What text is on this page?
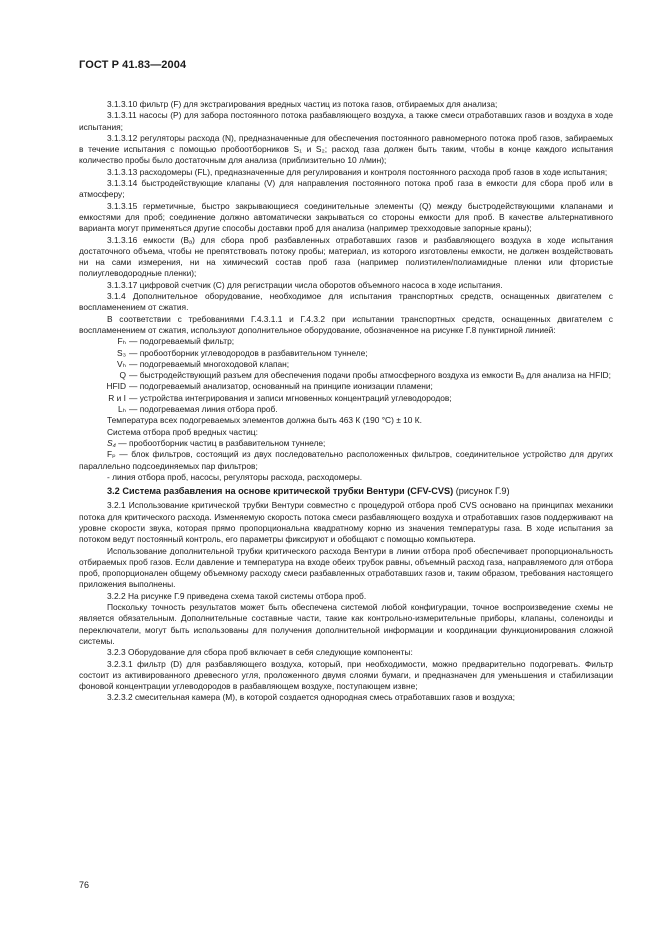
ГОСТ Р 41.83—2004

3.1.3.10 фильтр (F) для экстрагирования вредных частиц из потока газов, отбираемых для анализа;

3.1.3.11 насосы (P) для забора постоянного потока разбавляющего воздуха, а также смеси отработавших газов и воздуха в ходе испытания;

3.1.3.12 регуляторы расхода (N), предназначенные для обеспечения постоянного равномерного потока проб газов, забираемых в течение испытания с помощью пробоотборников S₁ и S₂; расход газа должен быть таким, чтобы в конце каждого испытания количество пробы было достаточным для анализа (приблизительно 10 л/мин);

3.1.3.13 расходомеры (FL), предназначенные для регулирования и контроля постоянного расхода проб газов в ходе испытания;

3.1.3.14 быстродействующие клапаны (V) для направления постоянного потока проб газа в емкости для сбора проб или в атмосферу;

3.1.3.15 герметичные, быстро закрывающиеся соединительные элементы (Q) между быстродействующими клапанами и емкостями для проб; соединение должно автоматически закрываться со стороны емкости для проб. В качестве альтернативного варианта могут применяться другие способы доставки проб для анализа (например трехходовые запорные краны);

3.1.3.16 емкости (Bₐ) для сбора проб разбавленных отработавших газов и разбавляющего воздуха в ходе испытания достаточного объема, чтобы не препятствовать потоку пробы; материал, из которого изготовлены емкости, не должен воздействовать ни на сами измерения, ни на химический состав проб газа (например полиэтилен/полиамидные пленки или фтористые полиуглеводородные пленки);

3.1.3.17 цифровой счетчик (C) для регистрации числа оборотов объемного насоса в ходе испытания.

3.1.4 Дополнительное оборудование, необходимое для испытания транспортных средств, оснащенных двигателем с воспламенением от сжатия.

В соответствии с требованиями Г.4.3.1.1 и Г.4.3.2 при испытании транспортных средств, оснащенных двигателем с воспламенением от сжатия, используют дополнительное оборудование, обозначенное на рисунке Г.8 пунктирной линией:

Fₕ — подогреваемый фильтр;
S₃ — пробоотборник углеводородов в разбавительном туннеле;
Vₕ — подогреваемый многоходовой клапан;
Q — быстродействующий разъем для обеспечения подачи пробы атмосферного воздуха из емкости Bₐ для анализа на HFID;
HFID — подогреваемый анализатор, основанный на принципе ионизации пламени;
R и I — устройства интегрирования и записи мгновенных концентраций углеводородов;
Lₕ — подогреваемая линия отбора проб.

Температура всех подогреваемых элементов должна быть 463 К (190 °C) ± 10 К.

Система отбора проб вредных частиц:

S₄ — пробоотборник частиц в разбавительном туннеле;

Fₚ — блок фильтров, состоящий из двух последовательно расположенных фильтров, соединительное устройство для других параллельно подсоединяемых пар фильтров;

- линия отбора проб, насосы, регуляторы расхода, расходомеры.

3.2 Система разбавления на основе критической трубки Вентури (CFV-CVS) (рисунок Г.9)

3.2.1 Использование критической трубки Вентури совместно с процедурой отбора проб CVS основано на принципах механики потока для критического расхода. Изменяемую скорость потока смеси разбавляющего воздуха и отработавших газов поддерживают на уровне скорости звука, которая прямо пропорциональна квадратному корню из значения температуры газа. В ходе испытания за потоком ведут постоянный контроль, его параметры фиксируют и обобщают с помощью компьютера.

Использование дополнительной трубки критического расхода Вентури в линии отбора проб обеспечивает пропорциональность отбираемых проб газов. Если давление и температура на входе обеих трубок равны, объемный расход газа, направляемого для отбора проб, пропорционален общему объемному расходу смеси разбавленных отработавших газов и, таким образом, требования настоящего приложения выполнены.

3.2.2 На рисунке Г.9 приведена схема такой системы отбора проб.

Поскольку точность результатов может быть обеспечена системой любой конфигурации, точное воспроизведение схемы не является обязательным. Дополнительные составные части, такие как контрольно-измерительные приборы, клапаны, соленоиды и переключатели, могут быть использованы для получения дополнительной информации и координации функционирования сложной системы.

3.2.3 Оборудование для сбора проб включает в себя следующие компоненты:

3.2.3.1 фильтр (D) для разбавляющего воздуха, который, при необходимости, можно предварительно подогревать. Фильтр состоит из активированного древесного угля, проложенного двумя слоями бумаги, и предназначен для уменьшения и стабилизации фоновой концентрации углеводородов в разбавляющем воздухе, поступающем извне;

3.2.3.2 смесительная камера (M), в которой создается однородная смесь отработавших газов и воздуха;

76
